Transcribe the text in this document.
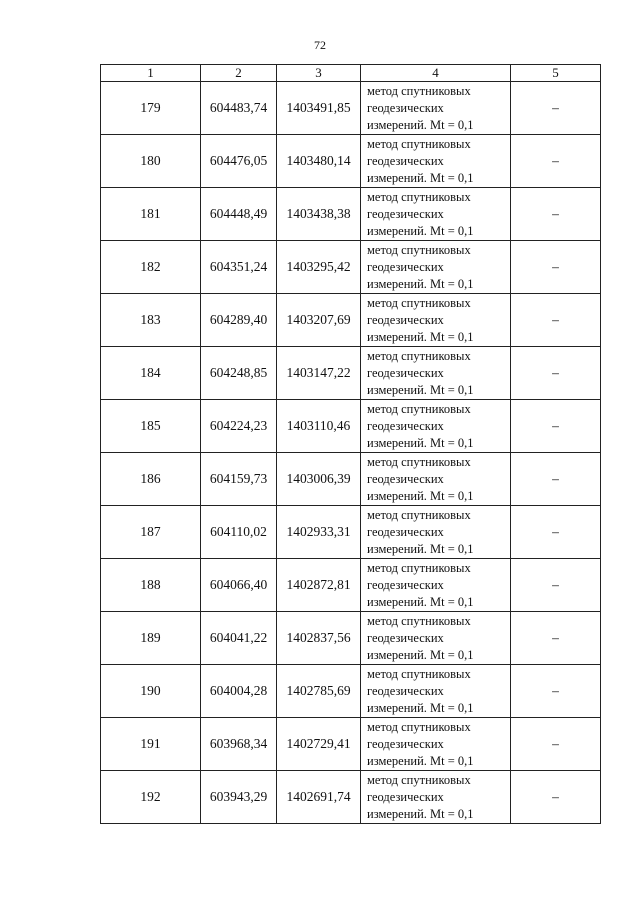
72
1	2	3	4	5
179	604483,74	1403491,85	метод спутниковых
геодезических
измерений. Mt = 0,1	–
180	604476,05	1403480,14	метод спутниковых
геодезических
измерений. Mt = 0,1	–
181	604448,49	1403438,38	метод спутниковых
геодезических
измерений. Mt = 0,1	–
182	604351,24	1403295,42	метод спутниковых
геодезических
измерений. Mt = 0,1	–
183	604289,40	1403207,69	метод спутниковых
геодезических
измерений. Mt = 0,1	–
184	604248,85	1403147,22	метод спутниковых
геодезических
измерений. Mt = 0,1	–
185	604224,23	1403110,46	метод спутниковых
геодезических
измерений. Mt = 0,1	–
186	604159,73	1403006,39	метод спутниковых
геодезических
измерений. Mt = 0,1	–
187	604110,02	1402933,31	метод спутниковых
геодезических
измерений. Mt = 0,1	–
188	604066,40	1402872,81	метод спутниковых
геодезических
измерений. Mt = 0,1	–
189	604041,22	1402837,56	метод спутниковых
геодезических
измерений. Mt = 0,1	–
190	604004,28	1402785,69	метод спутниковых
геодезических
измерений. Mt = 0,1	–
191	603968,34	1402729,41	метод спутниковых
геодезических
измерений. Mt = 0,1	–
192	603943,29	1402691,74	метод спутниковых
геодезических
измерений. Mt = 0,1	–
